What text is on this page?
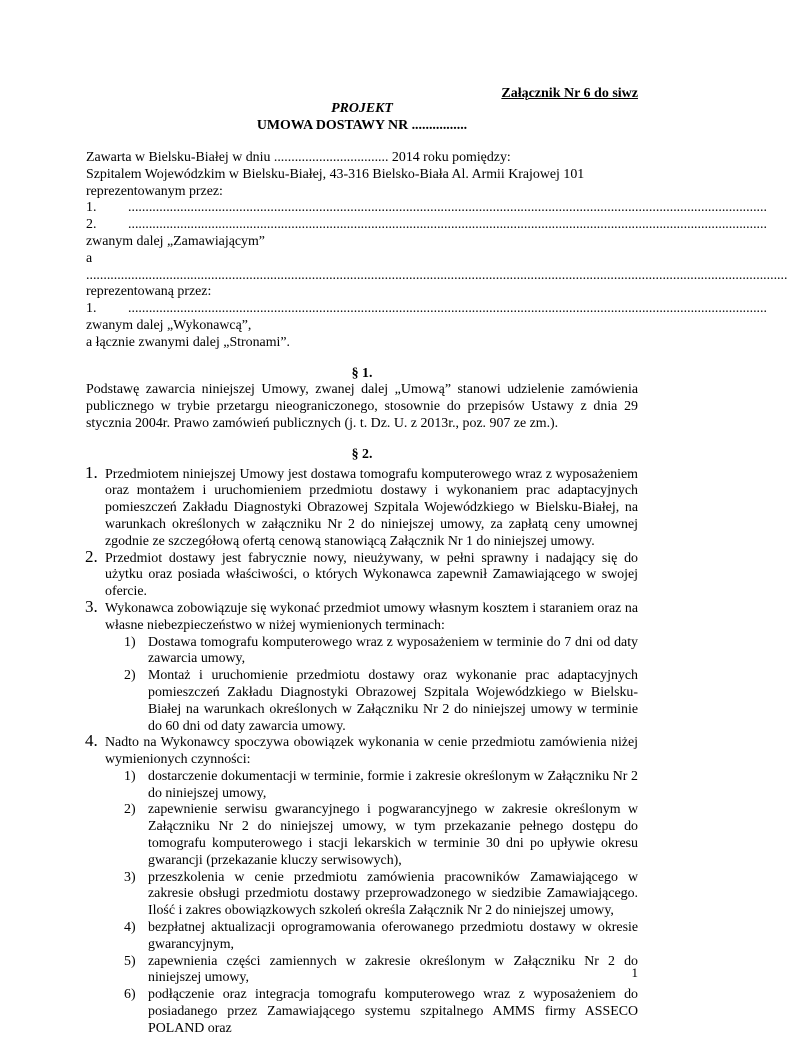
Załącznik Nr 6 do siwz
PROJEKT
UMOWA DOSTAWY NR ................
Zawarta w Bielsku-Białej w dniu ................................. 2014 roku pomiędzy:
Szpitalem Wojewódzkim w Bielsku-Białej, 43-316 Bielsko-Biała Al. Armii Krajowej 101
reprezentowanym przez:
1. ........................................................................................................................................................................................
2. ........................................................................................................................................................................................
zwanym dalej „Zamawiającym”
a
..........................................................................................................................................................................................................
reprezentowaną przez:
1. ........................................................................................................................................................................................
zwanym dalej „Wykonawcą”,
a łącznie zwanymi dalej „Stronami”.
§ 1.
Podstawę zawarcia niniejszej Umowy, zwanej dalej „Umową” stanowi udzielenie zamówienia publicznego w trybie przetargu nieograniczonego, stosownie do przepisów Ustawy z dnia 29 stycznia 2004r. Prawo zamówień publicznych (j. t. Dz. U. z 2013r., poz. 907 ze zm.).
§ 2.
1. Przedmiotem niniejszej Umowy jest dostawa tomografu komputerowego wraz z wyposażeniem oraz montażem i uruchomieniem przedmiotu dostawy i wykonaniem prac adaptacyjnych pomieszczeń Zakładu Diagnostyki Obrazowej Szpitala Wojewódzkiego w Bielsku-Białej, na warunkach określonych w załączniku Nr 2 do niniejszej umowy, za zapłatą ceny umownej zgodnie ze szczegółową ofertą cenową stanowiącą Załącznik Nr 1 do niniejszej umowy.
2. Przedmiot dostawy jest fabrycznie nowy, nieużywany, w pełni sprawny i nadający się do użytku oraz posiada właściwości, o których Wykonawca zapewnił Zamawiającego w swojej ofercie.
3. Wykonawca zobowiązuje się wykonać przedmiot umowy własnym kosztem i staraniem oraz na własne niebezpieczeństwo w niżej wymienionych terminach:
1) Dostawa tomografu komputerowego wraz z wyposażeniem w terminie do 7 dni od daty zawarcia umowy,
2) Montaż i uruchomienie przedmiotu dostawy oraz wykonanie prac adaptacyjnych pomieszczeń Zakładu Diagnostyki Obrazowej Szpitala Wojewódzkiego w Bielsku-Białej na warunkach określonych w Załączniku Nr 2 do niniejszej umowy w terminie do 60 dni od daty zawarcia umowy.
4. Nadto na Wykonawcy spoczywa obowiązek wykonania w cenie przedmiotu zamówienia niżej wymienionych czynności:
1) dostarczenie dokumentacji w terminie, formie i zakresie określonym w Załączniku Nr 2 do niniejszej umowy,
2) zapewnienie serwisu gwarancyjnego i pogwarancyjnego w zakresie określonym w Załączniku Nr 2 do niniejszej umowy, w tym przekazanie pełnego dostępu do tomografu komputerowego i stacji lekarskich w terminie 30 dni po upływie okresu gwarancji (przekazanie kluczy serwisowych),
3) przeszkolenia w cenie przedmiotu zamówienia pracowników Zamawiającego w zakresie obsługi przedmiotu dostawy przeprowadzonego w siedzibie Zamawiającego. Ilość i zakres obowiązkowych szkoleń określa Załącznik Nr 2 do niniejszej umowy,
4) bezpłatnej aktualizacji oprogramowania oferowanego przedmiotu dostawy w okresie gwarancyjnym,
5) zapewnienia części zamiennych w zakresie określonym w Załączniku Nr 2 do niniejszej umowy,
6) podłączenie oraz integracja tomografu komputerowego wraz z wyposażeniem do posiadanego przez Zamawiającego systemu szpitalnego AMMS firmy ASSECO POLAND oraz
1
